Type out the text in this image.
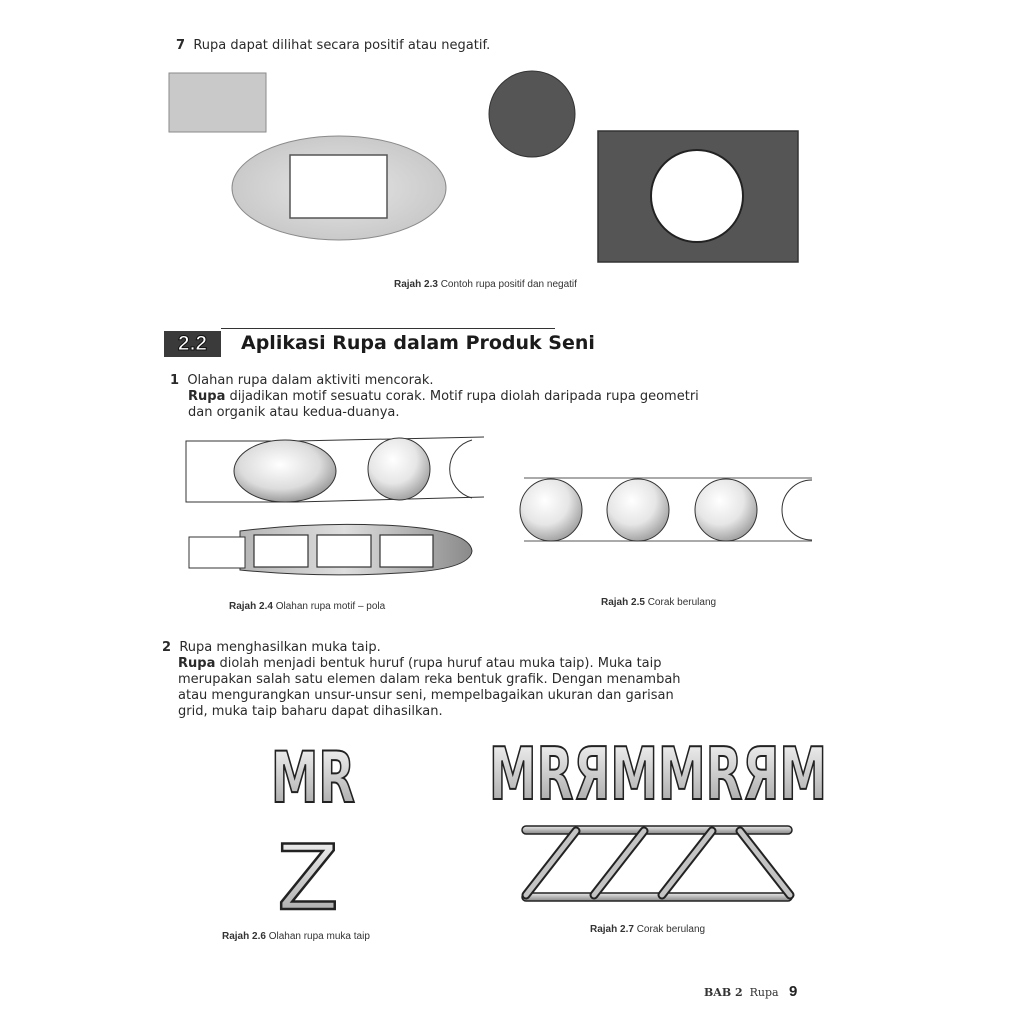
7 Rupa dapat dilihat secara positif atau negatif.
Rajah 2.3 Contoh rupa positif dan negatif
2.2	Aplikasi Rupa dalam Produk Seni
1 Olahan rupa dalam aktiviti mencorak.
Rupa dijadikan motif sesuatu corak. Motif rupa diolah daripada rupa geometri
dan organik atau kedua-duanya.
Rajah 2.4 Olahan rupa motif – pola	Rajah 2.5 Corak berulang
2 Rupa menghasilkan muka taip.
Rupa diolah menjadi bentuk huruf (rupa huruf atau muka taip). Muka taip
merupakan salah satu elemen dalam reka bentuk grafik. Dengan menambah
atau mengurangkan unsur-unsur seni, mempelbagaikan ukuran dan garisan
grid, muka taip baharu dapat dihasilkan.
MR
Z
MRЯMMRЯM
Rajah 2.6 Olahan rupa muka taip
Rajah 2.7 Corak berulang
BAB 2 Rupa 9
